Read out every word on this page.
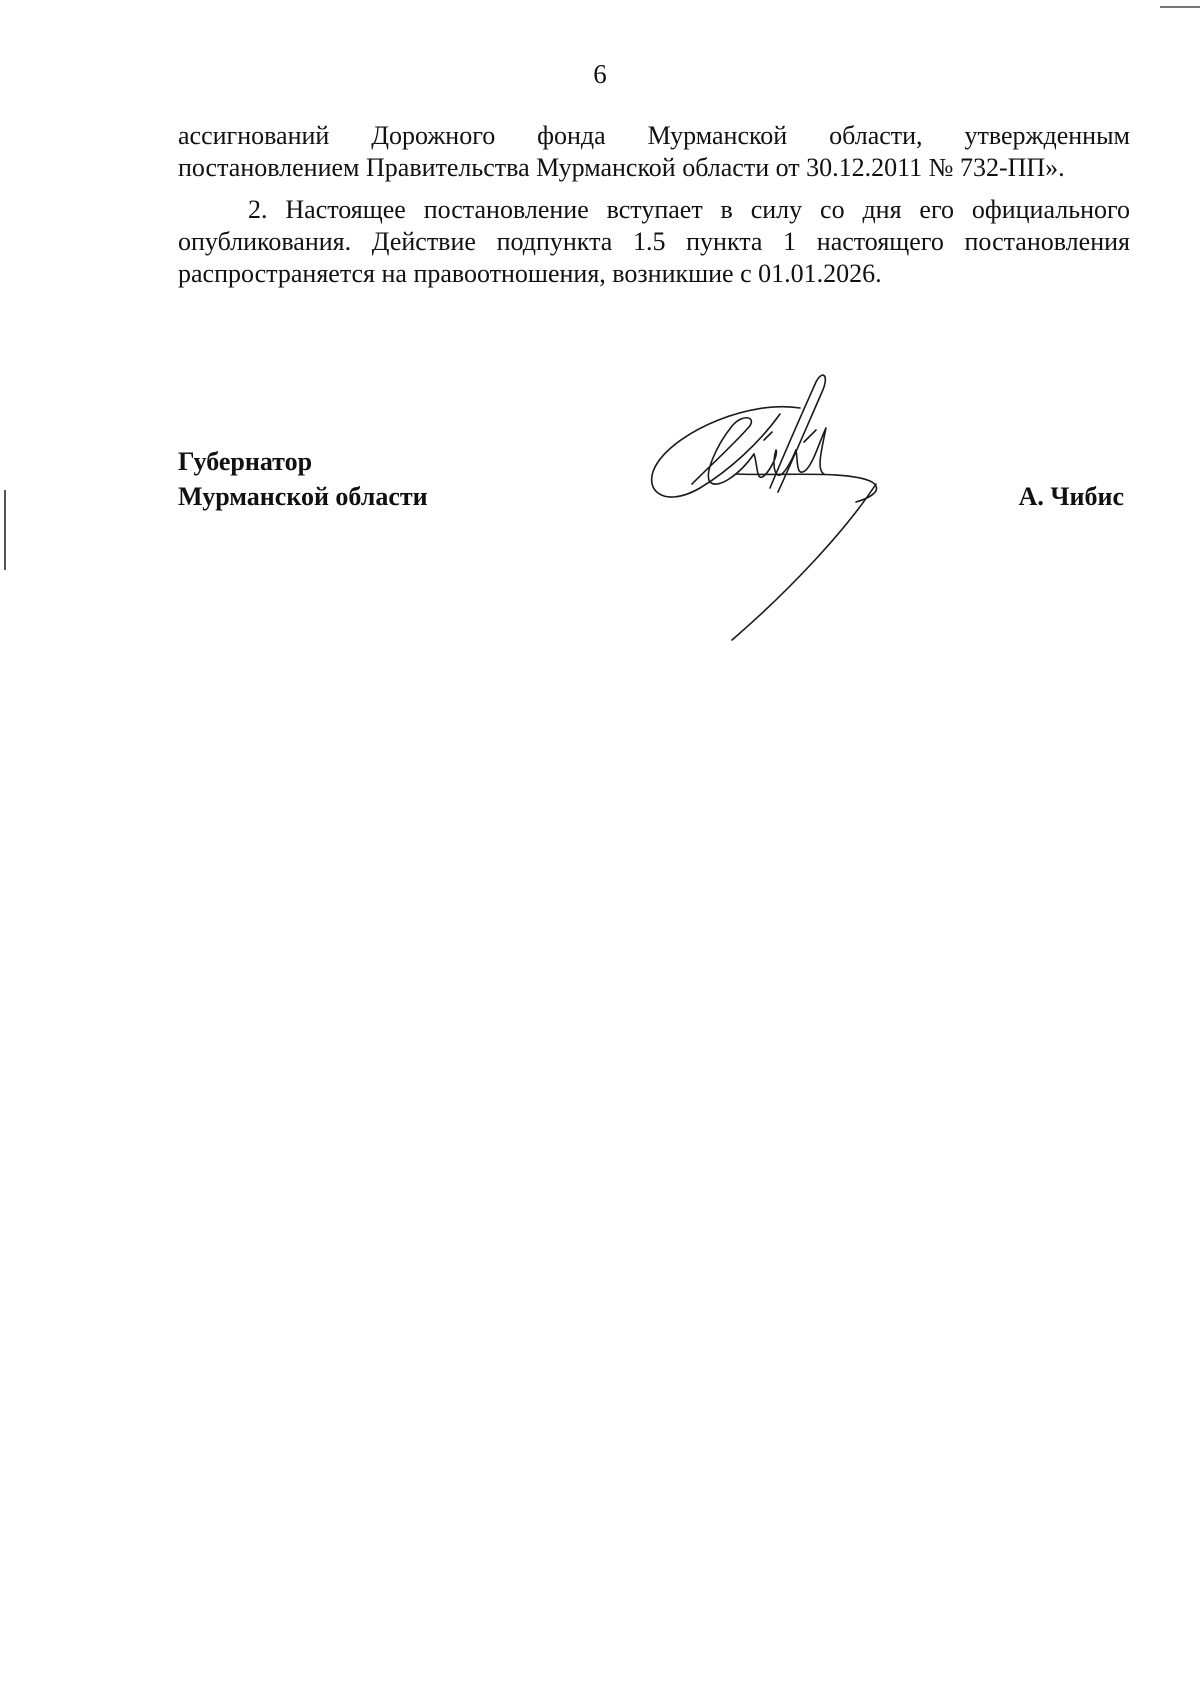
6

ассигнований Дорожного фонда Мурманской области, утвержденным постановлением Правительства Мурманской области от 30.12.2011 № 732-ПП».

2. Настоящее постановление вступает в силу со дня его официального опубликования. Действие подпункта 1.5 пункта 1 настоящего постановления распространяется на правоотношения, возникшие с 01.01.2026.

Губернатор
Мурманской области	А. Чибис
